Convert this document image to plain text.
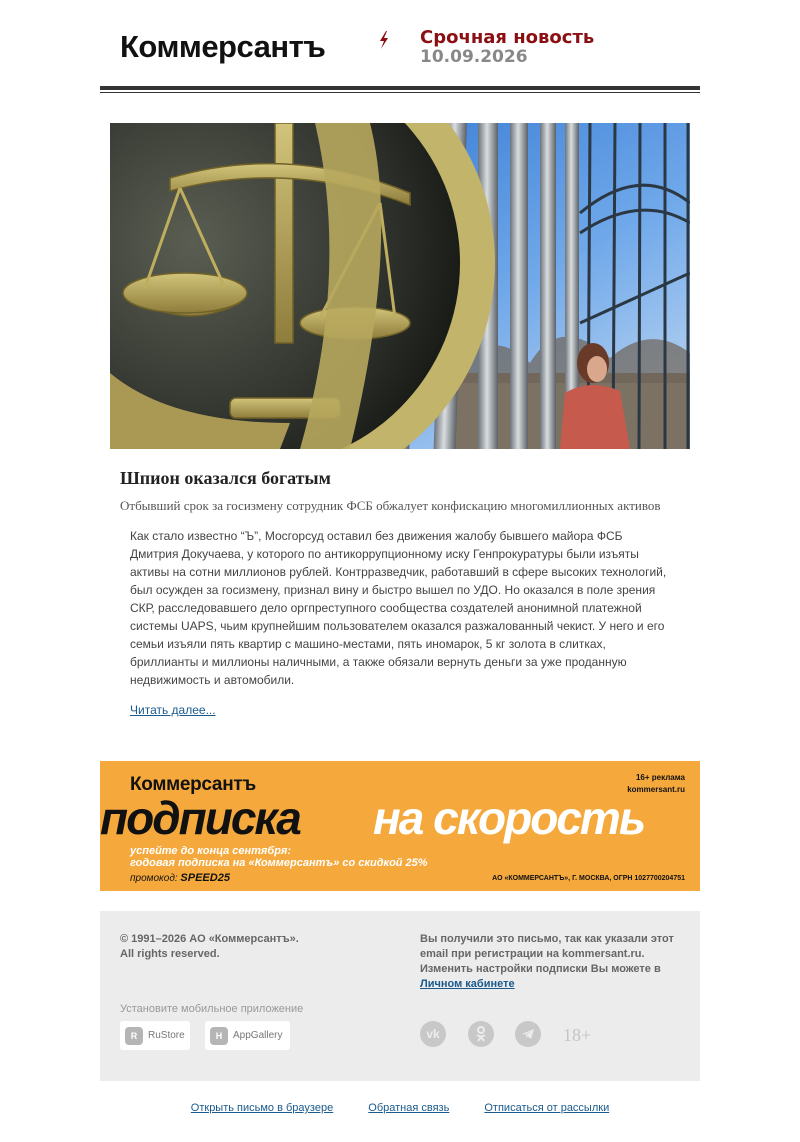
Коммерсантъ	Срочная новость
10.09.2026
Шпион оказался богатым
Отбывший срок за госизмену сотрудник ФСБ обжалует конфискацию многомиллионных активов
Как стало известно “Ъ”, Мосгорсуд оставил без движения жалобу бывшего майора ФСБ Дмитрия Докучаева, у которого по антикоррупционному иску Генпрокуратуры были изъяты активы на сотни миллионов рублей. Контрразведчик, работавший в сфере высоких технологий, был осужден за госизмену, признал вину и быстро вышел по УДО. Но оказался в поле зрения СКР, расследовавшего дело оргпреступного сообщества создателей анонимной платежной системы UAPS, чьим крупнейшим пользователем оказался разжалованный чекист. У него и его семьи изъяли пять квартир с машино-местами, пять иномарок, 5 кг золота в слитках, бриллианты и миллионы наличными, а также обязали вернуть деньги за уже проданную недвижимость и автомобили.
Читать далее...
Коммерсантъ	16+ реклама
kommersant.ru
подписка на скорость
успейте до конца сентября:
годовая подписка на «Коммерсантъ» со скидкой 25%
промокод: SPEED25	АО «КОММЕРСАНТЪ», Г. МОСКВА, ОГРН 1027700204751
© 1991–2026 АО «Коммерсантъ».
All rights reserved.
Вы получили это письмо, так как указали этот email при регистрации на kommersant.ru. Изменить настройки подписки Вы можете в Личном кабинете
Установите мобильное приложение
R	RuStore	H	AppGallery	vk	18+
Открыть письмо в браузере	Обратная связь	Отписаться от рассылки
